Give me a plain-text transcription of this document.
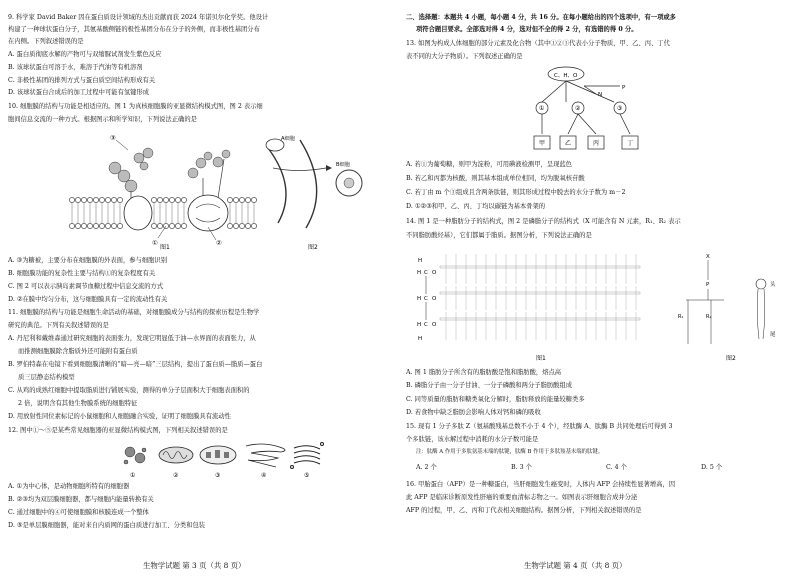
9. 科学家 David Baker 因在蛋白质设计领域的杰出贡献而获 2024 年诺贝尔化学奖。他设计
构建了一种球状蛋白分子，其氨基酸侧链的极性基团分布在分子的外侧，而非极性基团分布
在内侧。下列叙述错误的是
A. 蛋白质彻底水解的产物可与双缩脲试剂发生紫色反应
B. 该球状蛋白可溶于水，难溶于汽油等有机溶剂
C. 非极性基团的排列方式与蛋白质空间结构形成有关
D. 该球状蛋白合成后的加工过程中可能有氢键形成
10. 细胞膜的结构与功能是相适应的。图 1 为真核细胞膜的亚显微结构模式图，图 2 表示细
胞间信息交流的一种方式。根据图示和所学知识，下列说法正确的是
③
②
①
图1
A细胞
B细胞
图2
A. ③为糖被，主要分布在细胞膜的外表面，参与细胞识别
B. 细胞膜功能的复杂性主要与结构①的复杂程度有关
C. 图 2 可以表示胰岛素调节血糖过程中信息交流的方式
D. ②在膜中均匀分布，这与细胞膜具有一定的流动性有关
11. 细胞膜的结构与功能是细胞生命活动的基础，对细胞膜成分与结构的探索历程是生物学
研究的典范。下列有关叙述错误的是
A. 丹尼利和戴维森通过研究细胞的表面张力，发现它明显低于油—水界面的表面张力，从
而推测细胞膜除含脂质外还可能附有蛋白质
B. 罗伯特森在电镜下看到细胞膜清晰的“暗—亮—暗”三层结构，提出了蛋白质—脂质—蛋白
质三层静态结构模型
C. 从鸡的成熟红细胞中提取脂质进行铺展实验，测得的单分子层面积大于细胞表面积的
2 倍，说明含有其他生物膜系统的细胞特征
D. 用放射性同位素标记的小鼠细胞和人细胞融合实验，证明了细胞膜具有流动性
12. 图中①～⑤是某些常见细胞器的亚显微结构模式图，下列相关叙述错误的是
①	②	③	④	⑤
A. ①为中心体，是动物细胞所特有的细胞器
B. ②③均为双层膜细胞器，都与细胞内能量转换有关
C. 通过细胞中的④可使细胞膜和核膜连成一个整体
D. ⑤是单层膜细胞器，能对来自内质网的蛋白质进行加工、分类和包装
生物学试题 第 3 页（共 8 页）
二、选择题：本题共 4 小题，每小题 4 分，共 16 分。在每小题给出的四个选项中，有一项或多
项符合题目要求。全部选对得 4 分，选对但不全的得 2 分，有选错的得 0 分。
13. 如图为构成人体细胞的部分元素及化合物（其中①②③代表小分子物质，甲、乙、丙、丁代
表不同的大分子物质）。下列叙述正确的是
C、H、O
N
P
①	②	③
甲	乙	丙	丁
A. 若①为葡萄糖，则甲为淀粉，可用碘液检测甲，呈现蓝色
B. 若乙和丙都为核酸，则其基本组成单位相同，均为脱氧核苷酸
C. 若丁由 m 个③组成且含两条肽链，则其形成过程中脱去的水分子数为 m－2
D. ①②③和甲、乙、丙、丁均以碳链为基本骨架的
14. 图 1 是一种脂肪分子的结构式，图 2 是磷脂分子的结构式（X 可能含有 N 元素，R₁、R₂ 表示
不同脂肪酸烃基），它们都属于脂质。据图分析，下列说法正确的是
H
H
H
H
H
C
C
C
O
O
O
图1
X
P
R₁	R₂
头
尾
图2
A. 图 1 脂肪分子所含有的脂肪酸是饱和脂肪酸，熔点高
B. 磷脂分子由一分子甘油、一分子磷酸和两分子脂肪酸组成
C. 同等质量的脂肪和糖类氧化分解时，脂肪释放的能量较糖类多
D. 若食物中缺乏脂肪会影响人体对钙和磷的吸收
15. 现有 1 分子多肽 Z（氨基酸残基总数不小于 4 个），经肽酶 A、肽酶 B 共同处理后可得到 3
个多肽链，该水解过程中消耗的水分子数可能是
注：肽酶 A 作用于多肽氨基末端的肽键，肽酶 B 作用于多肽羧基末端的肽键。
A. 2 个	B. 3 个	C. 4 个	D. 5 个
16. 甲胎蛋白（AFP）是一种糖蛋白，当肝细胞发生癌变时，人体内 AFP 会持续性显著增高，因
此 AFP 是临床诊断原发性肝癌的重要血清标志物之一。如图表示肝细胞合成并分泌
AFP 的过程，甲、乙、丙和丁代表相关细胞结构。据图分析，下列相关叙述错误的是
生物学试题 第 4 页（共 8 页）
